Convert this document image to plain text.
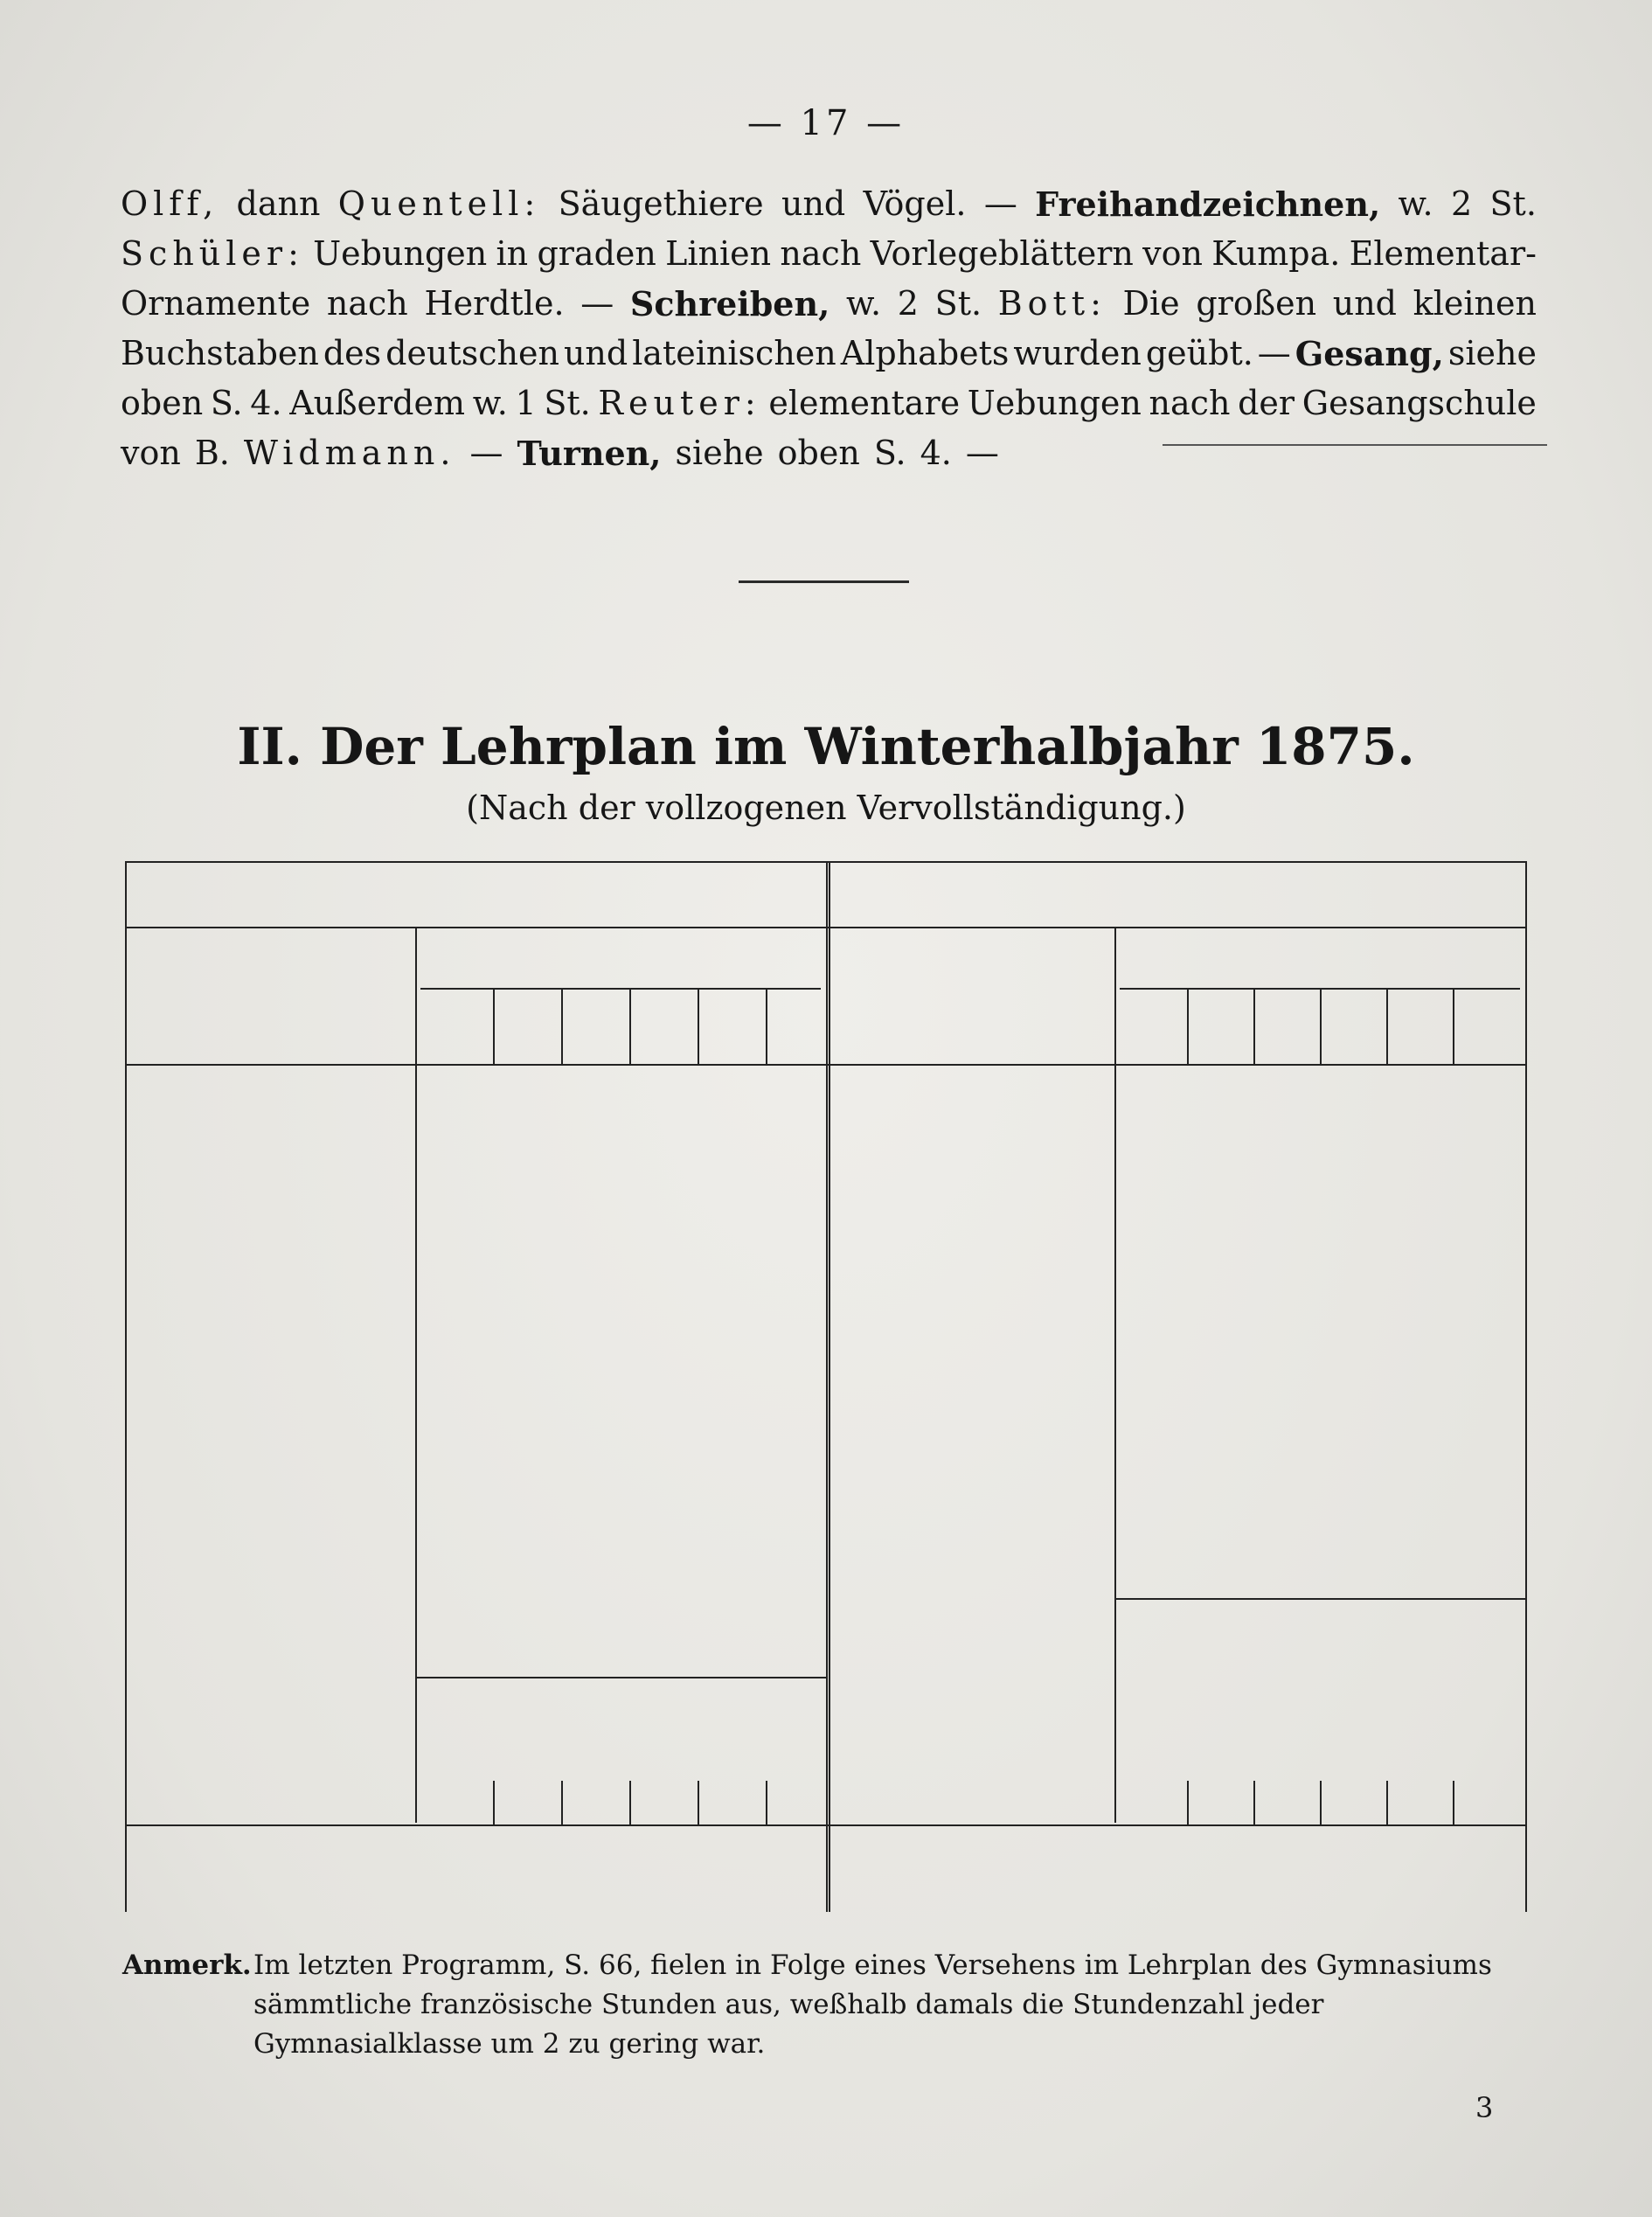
— 17 —
Olff, dann Quentell: Säugethiere und Vögel. — Freihandzeichnen, w. 2 St.
Schüler: Uebungen in graden Linien nach Vorlegeblättern von Kumpa. Elementar-
Ornamente nach Herdtle. — Schreiben, w. 2 St. Bott: Die großen und kleinen
Buchstaben des deutschen und lateinischen Alphabets wurden geübt. — Gesang, siehe
oben S. 4. Außerdem w. 1 St. Reuter: elementare Uebungen nach der Gesangschule
von B. Widmann. — Turnen, siehe oben S. 4. —
II. Der Lehrplan im Winterhalbjahr 1875.
(Nach der vollzogenen Vervollständigung.)
Anmerk. Im letzten Programm, S. 66, fielen in Folge eines Versehens im Lehrplan des Gymnasiums sämmtliche französische Stunden aus, weßhalb damals die Stundenzahl jeder Gymnasialklasse um 2 zu gering war.
3
